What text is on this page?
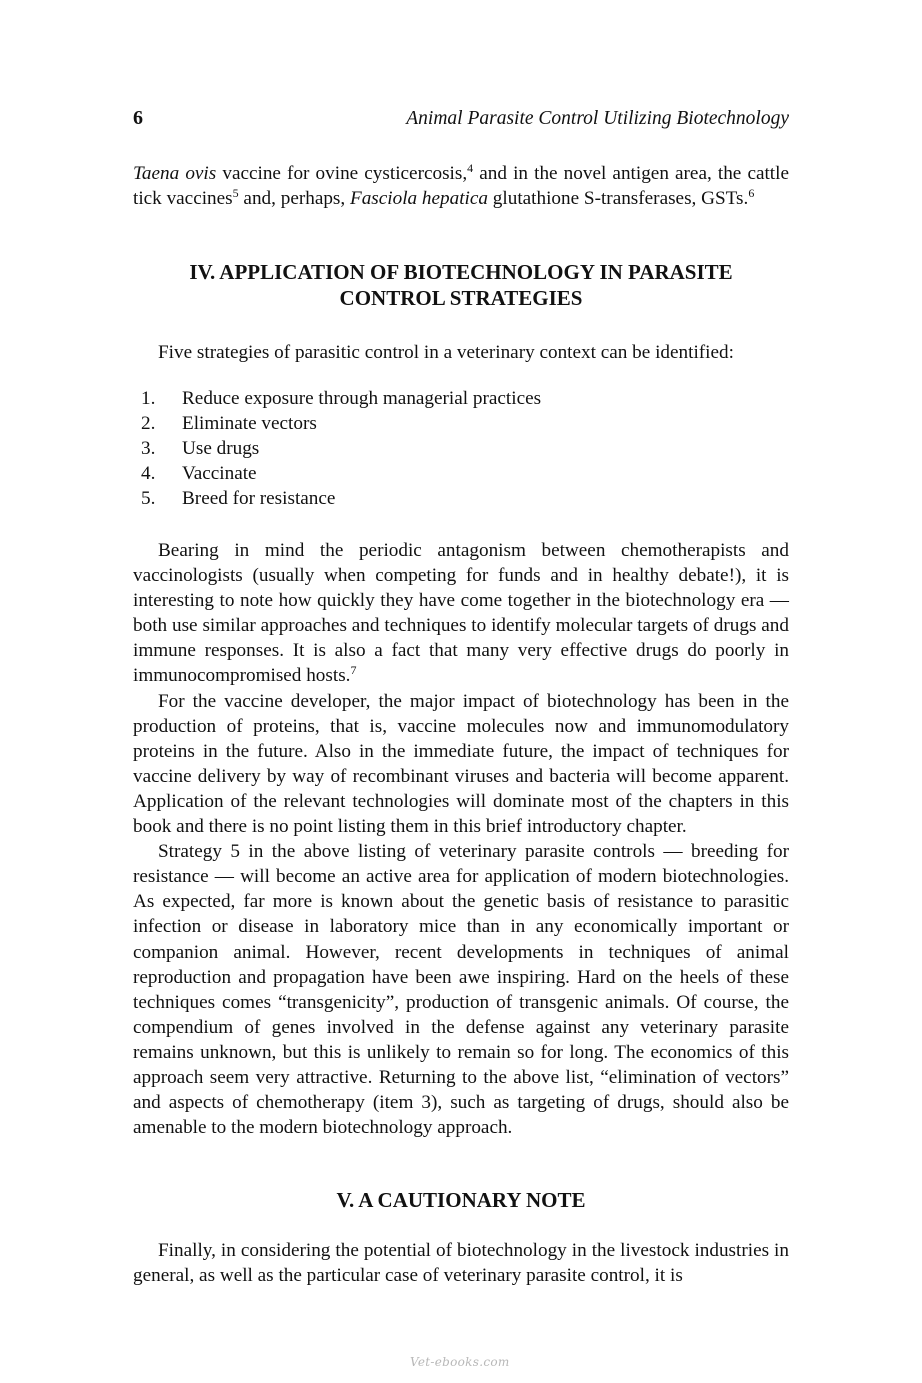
6	Animal Parasite Control Utilizing Biotechnology
Taena ovis vaccine for ovine cysticercosis,$^4$ and in the novel antigen area, the cattle tick vaccines$^5$ and, perhaps, Fasciola hepatica glutathione S-transferases, GSTs.$^6$
IV. APPLICATION OF BIOTECHNOLOGY IN PARASITE
CONTROL STRATEGIES
Five strategies of parasitic control in a veterinary context can be identified:
1.	Reduce exposure through managerial practices
2.	Eliminate vectors
3.	Use drugs
4.	Vaccinate
5.	Breed for resistance

Bearing in mind the periodic antagonism between chemotherapists and vaccinologists (usually when competing for funds and in healthy debate!), it is interesting to note how quickly they have come together in the biotechnology era — both use similar approaches and techniques to identify molecular targets of drugs and immune responses. It is also a fact that many very effective drugs do poorly in immunocompromised hosts.$^7$

For the vaccine developer, the major impact of biotechnology has been in the production of proteins, that is, vaccine molecules now and immunomodulatory proteins in the future. Also in the immediate future, the impact of techniques for vaccine delivery by way of recombinant viruses and bacteria will become apparent. Application of the relevant technologies will dominate most of the chapters in this book and there is no point listing them in this brief introductory chapter.

Strategy 5 in the above listing of veterinary parasite controls — breeding for resistance — will become an active area for application of modern biotechnologies. As expected, far more is known about the genetic basis of resistance to parasitic infection or disease in laboratory mice than in any economically important or companion animal. However, recent developments in techniques of animal reproduction and propagation have been awe inspiring. Hard on the heels of these techniques comes “transgenicity”, production of transgenic animals. Of course, the compendium of genes involved in the defense against any veterinary parasite remains unknown, but this is unlikely to remain so for long. The economics of this approach seem very attractive. Returning to the above list, “elimination of vectors” and aspects of chemotherapy (item 3), such as targeting of drugs, should also be amenable to the modern biotechnology approach.

V. A CAUTIONARY NOTE

Finally, in considering the potential of biotechnology in the livestock industries in general, as well as the particular case of veterinary parasite control, it is

Vet-ebooks.com
